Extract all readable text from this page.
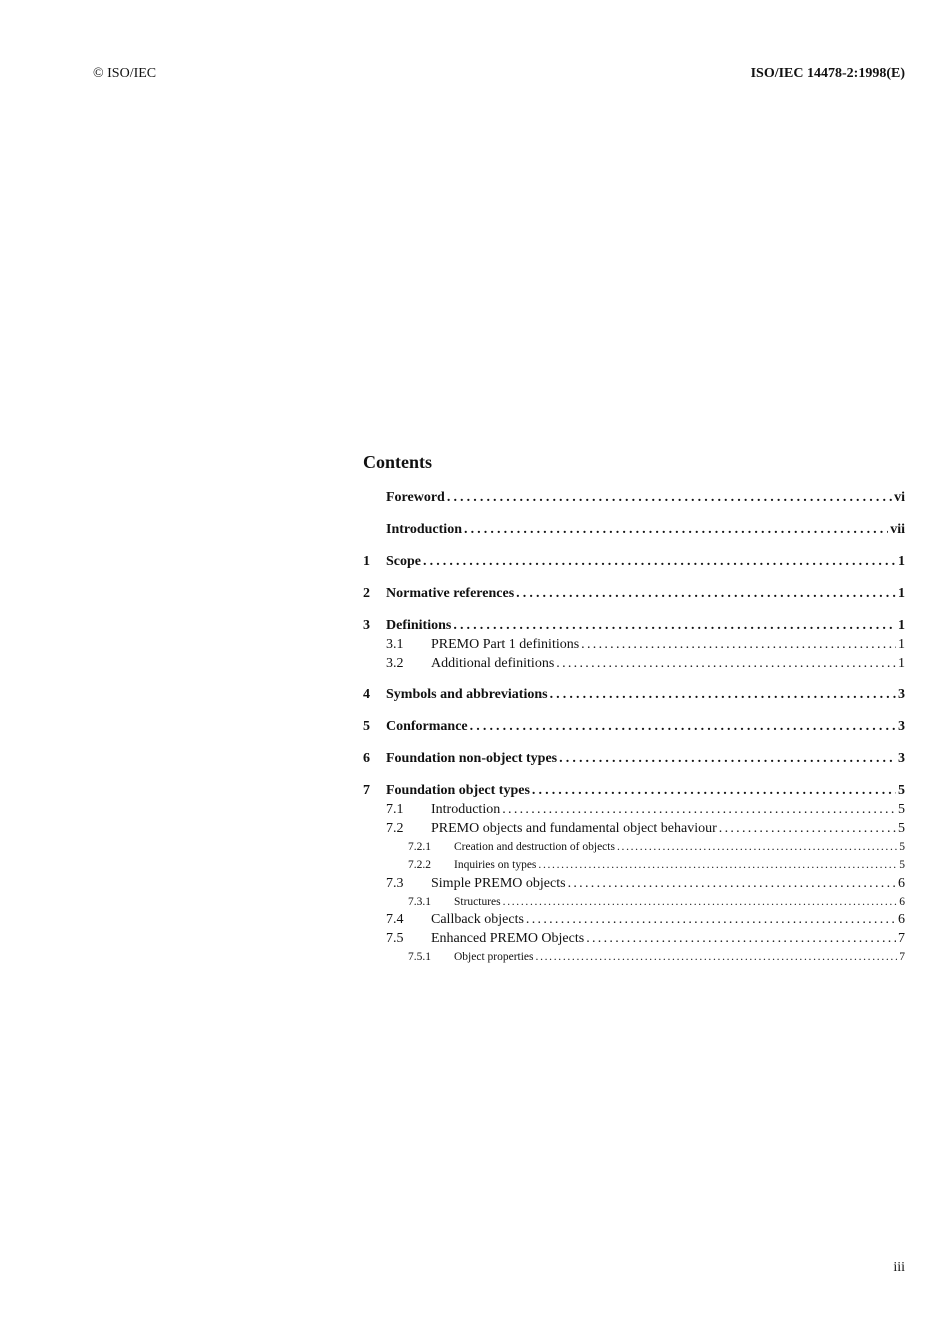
© ISO/IEC	ISO/IEC 14478-2:1998(E)
Contents
Foreword .....	vi
Introduction .....	vii
1	Scope .....	1
2	Normative references .....	1
3	Definitions .....	1
3.1	PREMO Part 1 definitions . . .	1
3.2	Additional definitions . . .	1
4	Symbols and abbreviations .....	3
5	Conformance .....	3
6	Foundation non-object types .....	3
7	Foundation object types .....	5
7.1	Introduction . . .	5
7.2	PREMO objects and fundamental object behaviour . . .	5
7.2.1	Creation and destruction of objects . . .	5
7.2.2	Inquiries on types . . .	5
7.3	Simple PREMO objects . . .	6
7.3.1	Structures . . .	6
7.4	Callback objects . . .	6
7.5	Enhanced PREMO Objects . . .	7
7.5.1	Object properties . . .	7
iii
